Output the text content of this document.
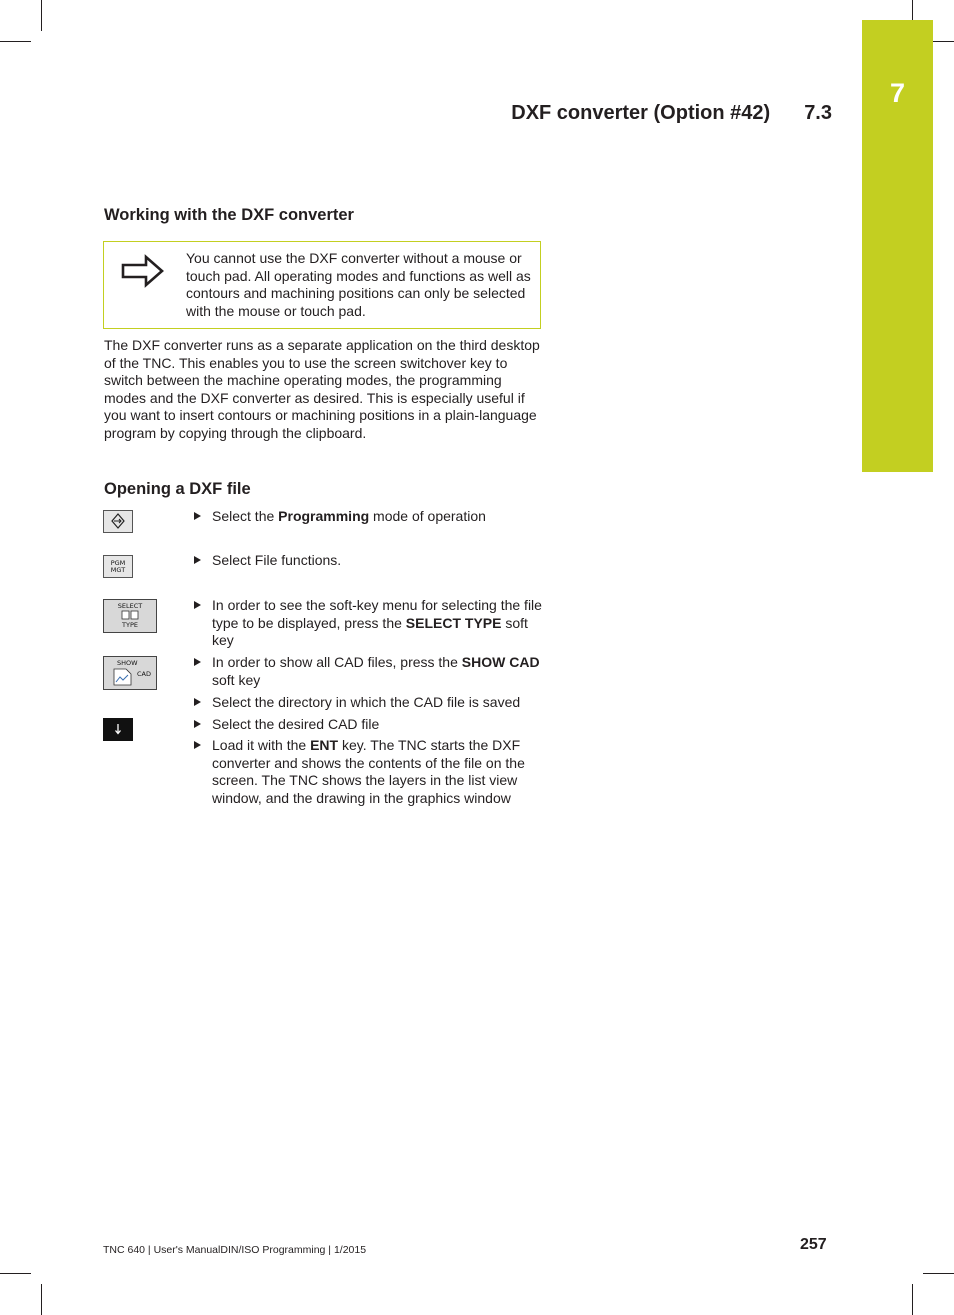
7
DXF converter (Option #42) 7.3
Working with the DXF converter
You cannot use the DXF converter without a mouse or touch pad. All operating modes and functions as well as contours and machining positions can only be selected with the mouse or touch pad.
The DXF converter runs as a separate application on the third desktop of the TNC. This enables you to use the screen switchover key to switch between the machine operating modes, the programming modes and the DXF converter as desired. This is especially useful if you want to insert contours or machining positions in a plain-language program by copying through the clipboard.
Opening a DXF file
PGM
MGT
SELECT
TYPE
SHOW
CAD
Select the Programming mode of operation
Select File functions.
In order to see the soft-key menu for selecting the file type to be displayed, press the SELECT TYPE soft key
In order to show all CAD files, press the SHOW CAD soft key
Select the directory in which the CAD file is saved
Select the desired CAD file
Load it with the ENT key. The TNC starts the DXF converter and shows the contents of the file on the screen. The TNC shows the layers in the list view window, and the drawing in the graphics window
TNC 640 | User's ManualDIN/ISO Programming | 1/2015	257
